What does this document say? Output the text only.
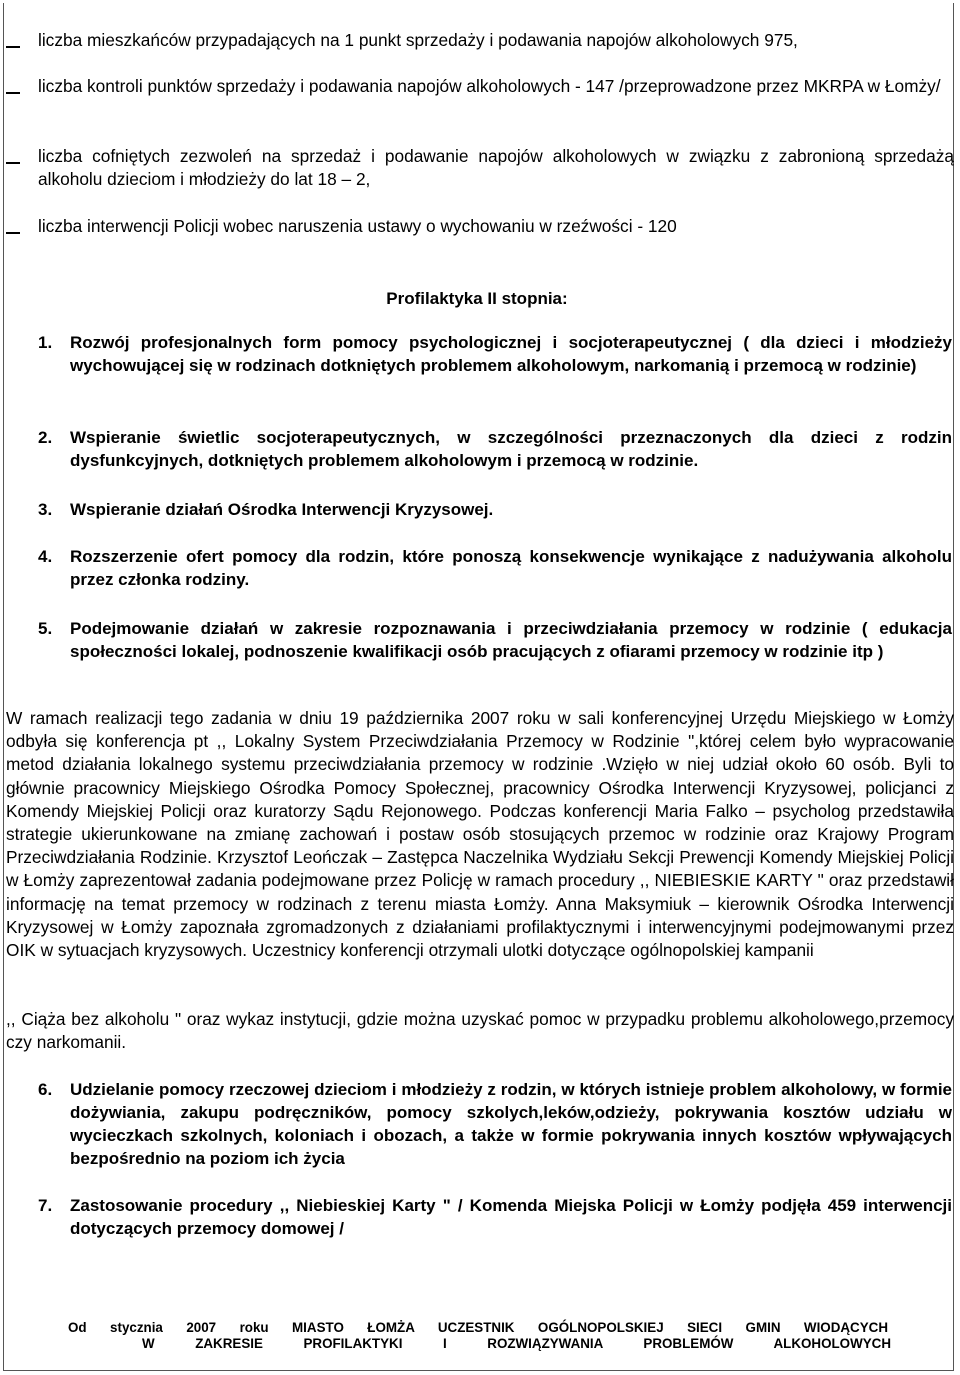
liczba mieszkańców przypadających na 1 punkt sprzedaży i podawania napojów alkoholowych 975,
liczba kontroli punktów sprzedaży i podawania napojów alkoholowych - 147 /przeprowadzone przez MKRPA w Łomży/
liczba cofniętych zezwoleń na sprzedaż i podawanie napojów alkoholowych w związku z zabronioną sprzedażą alkoholu dzieciom i młodzieży do lat 18 – 2,
liczba interwencji Policji wobec naruszenia ustawy o wychowaniu w rzeźwości - 120
Profilaktyka II stopnia:
1. Rozwój profesjonalnych form pomocy psychologicznej i socjoterapeutycznej ( dla dzieci i młodzieży wychowującej się w rodzinach dotkniętych problemem alkoholowym, narkomanią i przemocą w rodzinie)
2. Wspieranie świetlic socjoterapeutycznych, w szczególności przeznaczonych dla dzieci z rodzin dysfunkcyjnych, dotkniętych problemem alkoholowym i przemocą w rodzinie.
3. Wspieranie działań Ośrodka Interwencji Kryzysowej.
4. Rozszerzenie ofert pomocy dla rodzin, które ponoszą konsekwencje wynikające z nadużywania alkoholu przez członka rodziny.
5. Podejmowanie działań w zakresie rozpoznawania i przeciwdziałania przemocy w rodzinie ( edukacja społeczności lokalej, podnoszenie kwalifikacji osób pracujących z ofiarami przemocy w rodzinie itp )
W ramach realizacji tego zadania w dniu 19 października 2007 roku w sali konferencyjnej Urzędu Miejskiego w Łomży odbyła się konferencja pt ,, Lokalny System Przeciwdziałania Przemocy w Rodzinie ",której celem było wypracowanie metod działania lokalnego systemu przeciwdziałania przemocy w rodzinie .Wzięło w niej udział około 60 osób. Byli to głównie pracownicy Miejskiego Ośrodka Pomocy Społecznej, pracownicy Ośrodka Interwencji Kryzysowej, policjanci z Komendy Miejskiej Policji oraz kuratorzy Sądu Rejonowego. Podczas konferencji Maria Falko – psycholog przedstawiła strategie ukierunkowane na zmianę zachowań i postaw osób stosujących przemoc w rodzinie oraz Krajowy Program Przeciwdziałania Rodzinie. Krzysztof Leończak – Zastępca Naczelnika Wydziału Sekcji Prewencji Komendy Miejskiej Policji w Łomży zaprezentował zadania podejmowane przez Policję w ramach procedury ,, NIEBIESKIE KARTY " oraz przedstawił informację na temat przemocy w rodzinach z terenu miasta Łomży. Anna Maksymiuk – kierownik Ośrodka Interwencji Kryzysowej w Łomży zapoznała zgromadzonych z działaniami profilaktycznymi i interwencyjnymi podejmowanymi przez OIK w sytuacjach kryzysowych. Uczestnicy konferencji otrzymali ulotki dotyczące ogólnopolskiej kampanii
,, Ciąża bez alkoholu " oraz wykaz instytucji, gdzie można uzyskać pomoc w przypadku problemu alkoholowego,przemocy czy narkomanii.
6. Udzielanie pomocy rzeczowej dzieciom i młodzieży z rodzin, w których istnieje problem alkoholowy, w formie dożywiania, zakupu podręczników, pomocy szkolych,leków,odzieży, pokrywania kosztów udziału w wycieczkach szkolnych, koloniach i obozach, a także w formie pokrywania innych kosztów wpływających bezpośrednio na poziom ich życia
7. Zastosowanie procedury ,, Niebieskiej Karty " / Komenda Miejska Policji w Łomży podjęła 459 interwencji dotyczących przemocy domowej /
Od stycznia 2007 roku MIASTO ŁOMŻA UCZESTNIK OGÓLNOPOLSKIEJ SIECI GMIN WIODĄCYCH
W ZAKRESIE PROFILAKTYKI I ROZWIĄZYWANIA PROBLEMÓW ALKOHOLOWYCH
